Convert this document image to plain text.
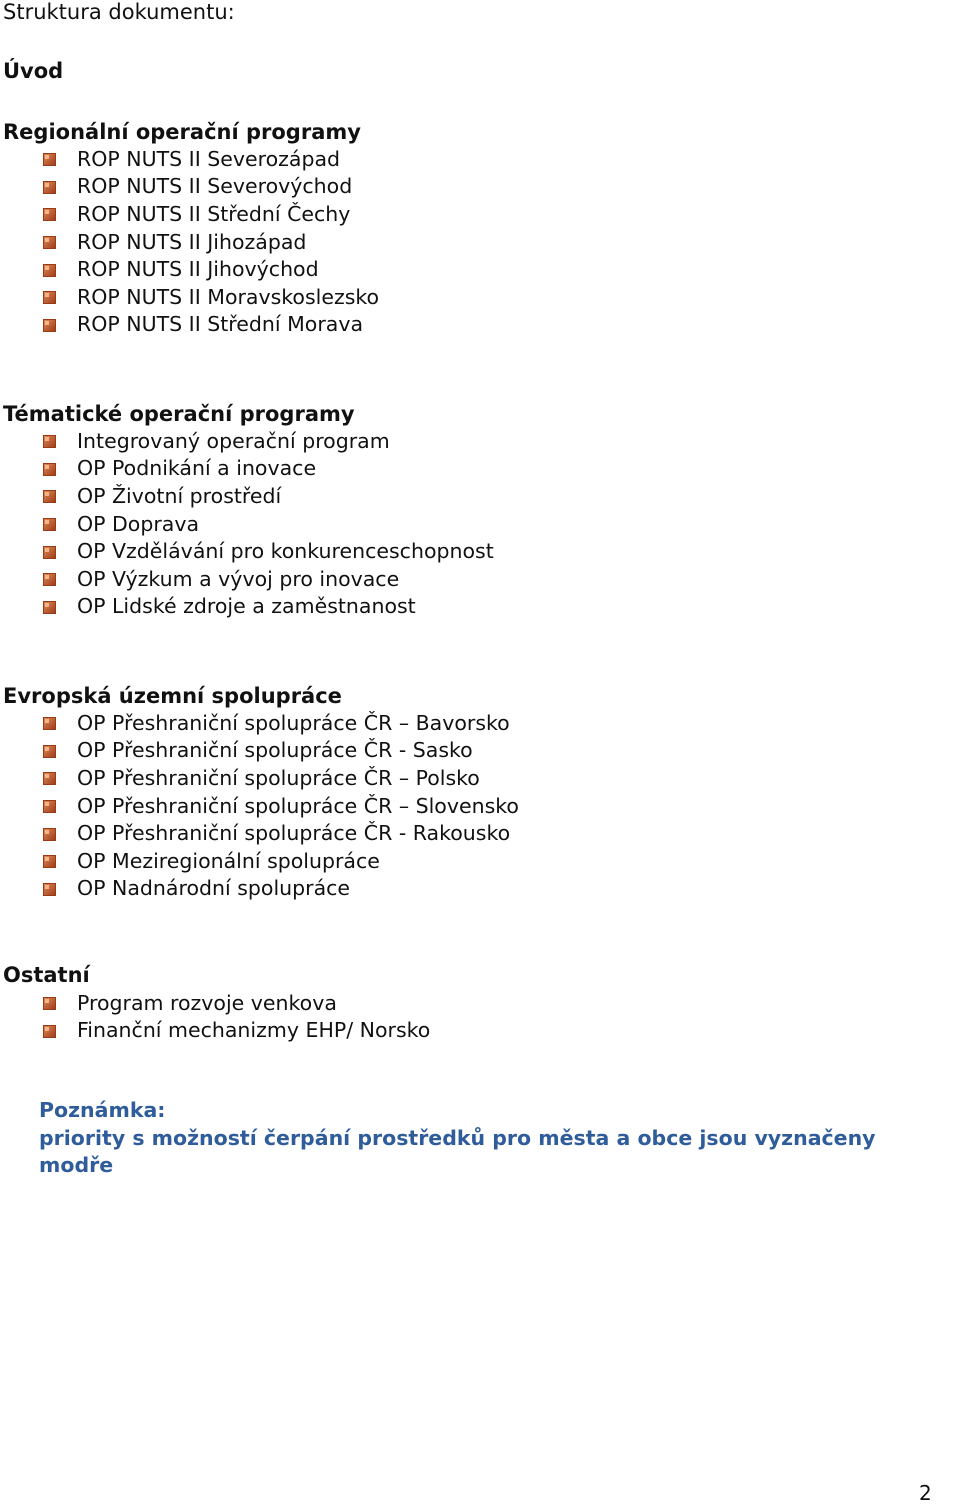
Struktura dokumentu:
Úvod
Regionální operační programy
ROP NUTS II Severozápad
ROP NUTS II Severovýchod
ROP NUTS II Střední Čechy
ROP NUTS II Jihozápad
ROP NUTS II Jihovýchod
ROP NUTS II Moravskoslezsko
ROP NUTS II Střední Morava
Tématické operační programy
Integrovaný operační program
OP Podnikání a inovace
OP Životní prostředí
OP Doprava
OP Vzdělávání pro konkurenceschopnost
OP Výzkum a vývoj pro inovace
OP Lidské zdroje a zaměstnanost
Evropská územní spolupráce
OP Přeshraniční spolupráce ČR – Bavorsko
OP Přeshraniční spolupráce ČR - Sasko
OP Přeshraniční spolupráce ČR – Polsko
OP Přeshraniční spolupráce ČR – Slovensko
OP Přeshraniční spolupráce ČR - Rakousko
OP Meziregionální spolupráce
OP Nadnárodní spolupráce
Ostatní
Program rozvoje venkova
Finanční mechanizmy EHP/ Norsko
Poznámka:
priority s možností čerpání prostředků pro města a obce jsou vyznačeny
modře
2
